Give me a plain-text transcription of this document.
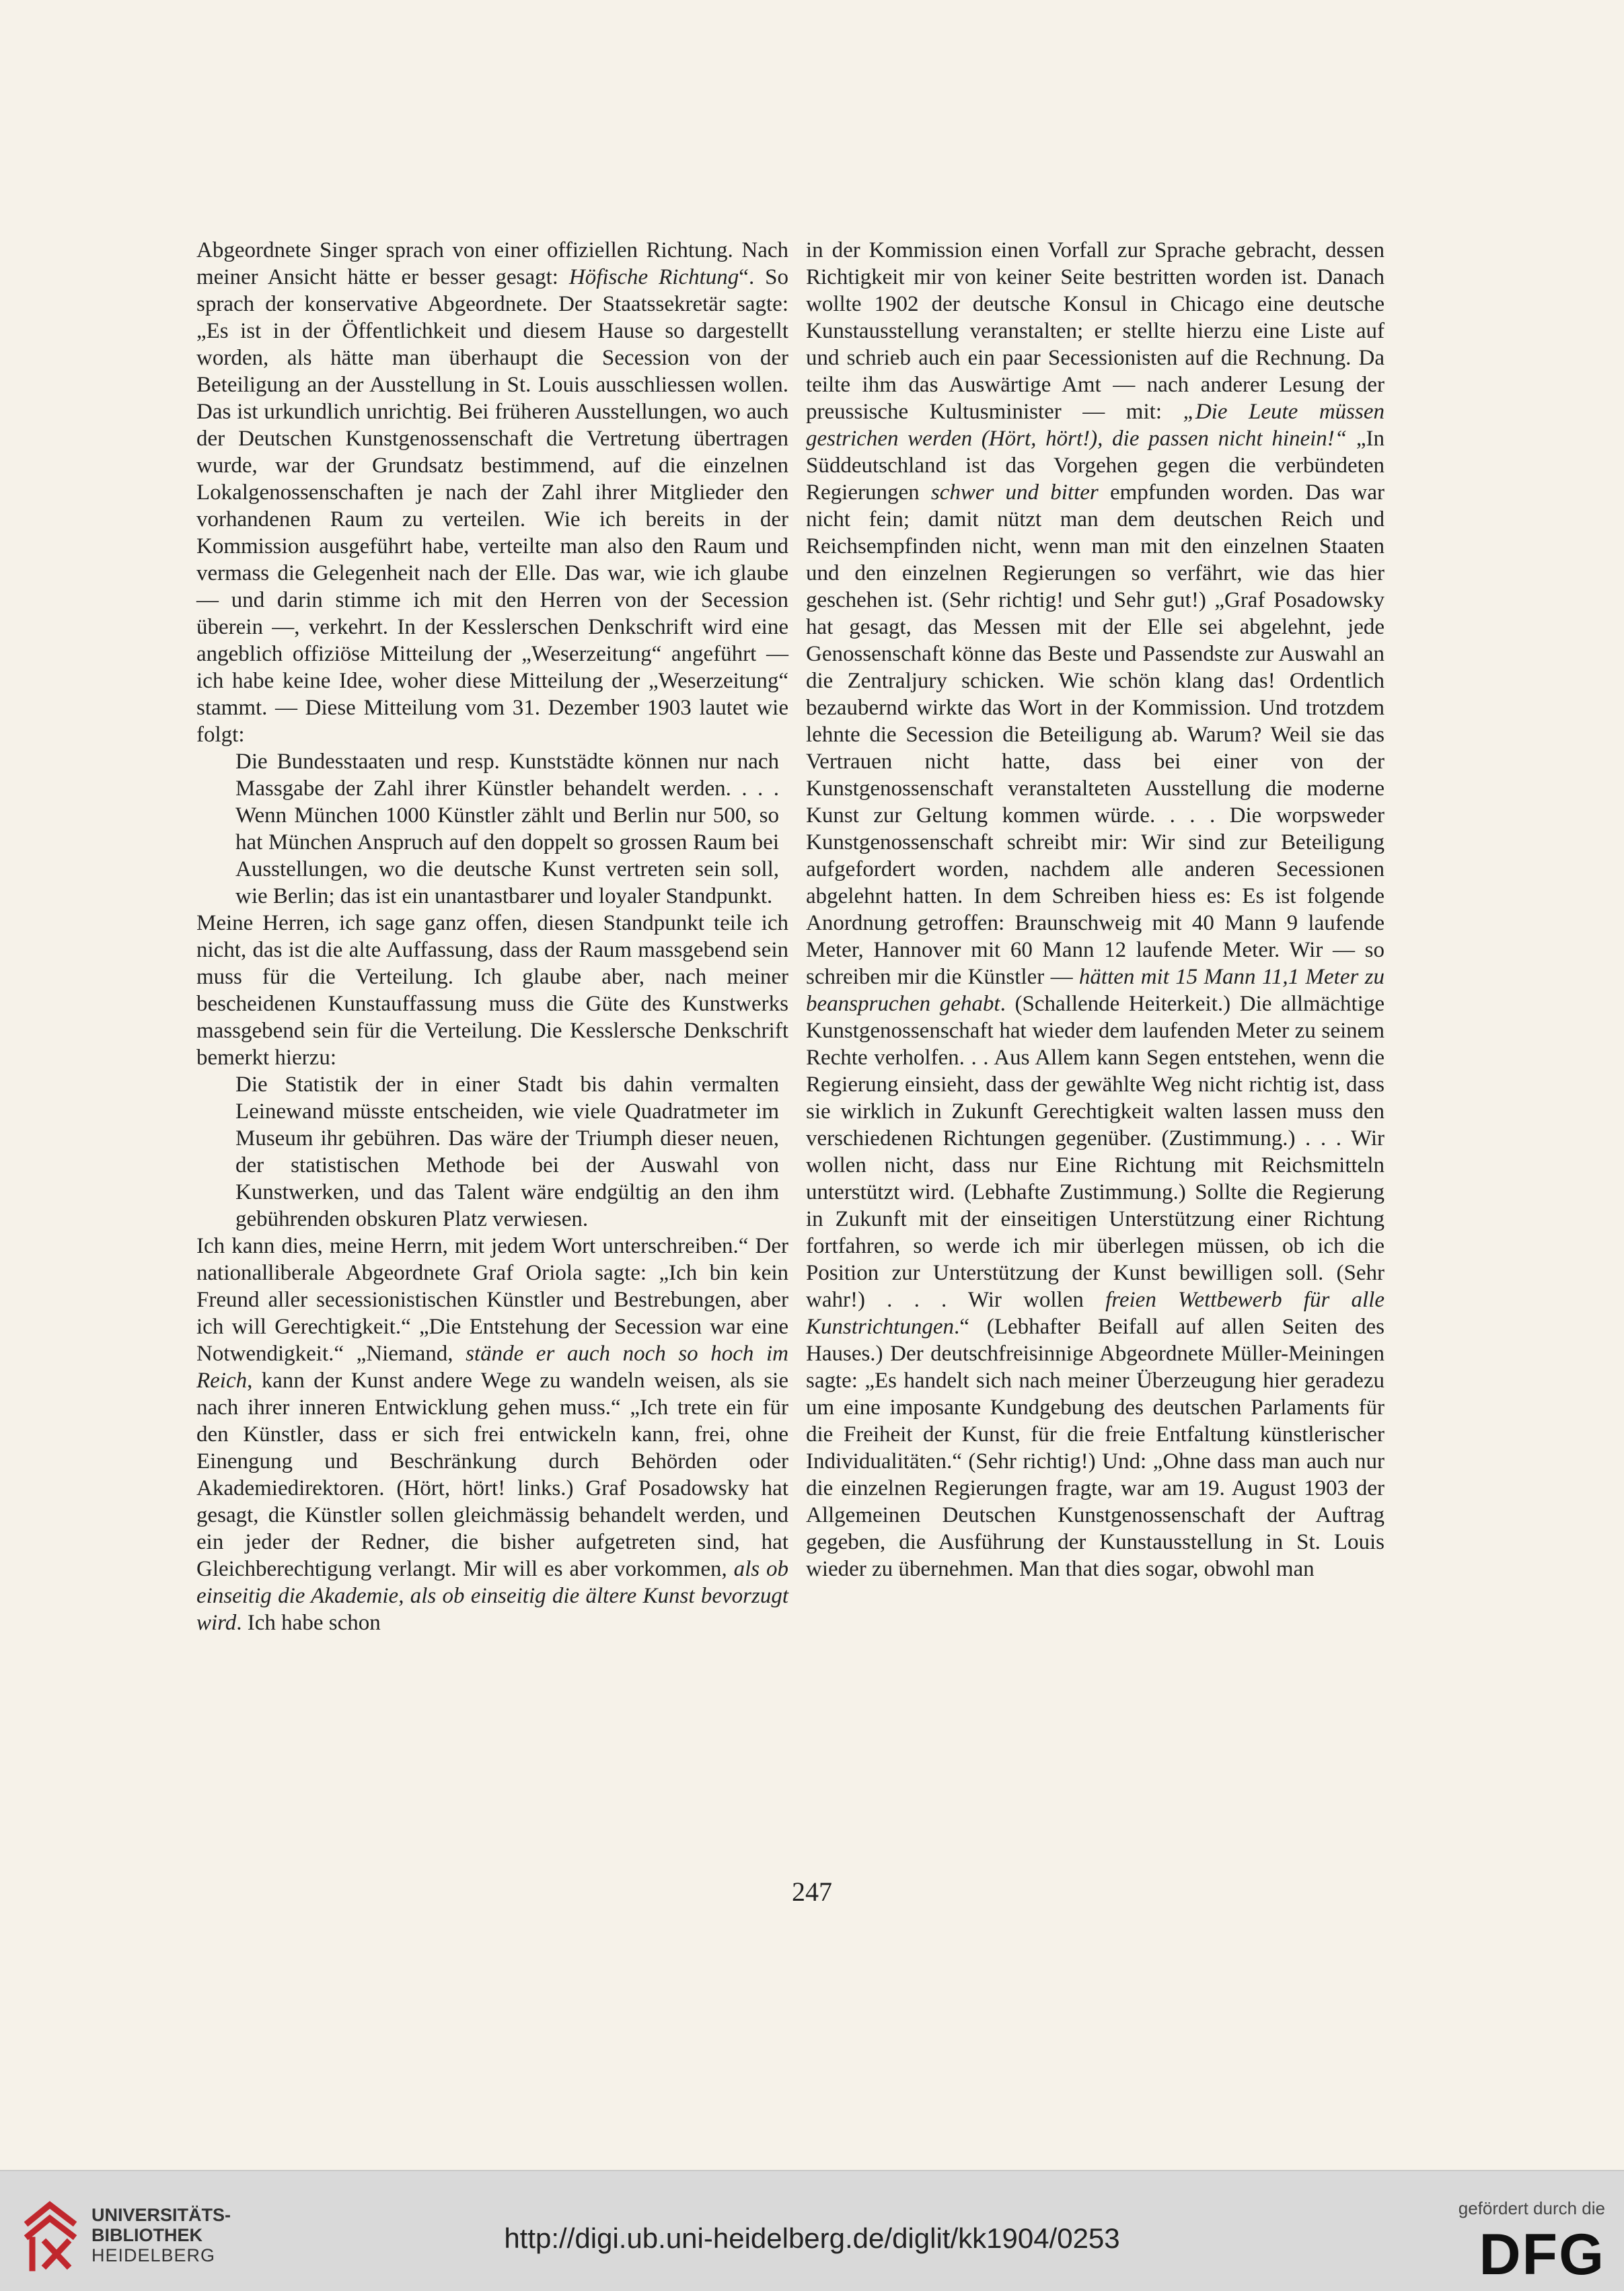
Abgeordnete Singer sprach von einer offiziellen Richtung. Nach meiner Ansicht hätte er besser gesagt: Höfische Richtung“. So sprach der konservative Abgeordnete. Der Staatssekretär sagte: „Es ist in der Öffentlichkeit und diesem Hause so dargestellt worden, als hätte man überhaupt die Secession von der Beteiligung an der Ausstellung in St. Louis ausschliessen wollen. Das ist urkundlich unrichtig. Bei früheren Ausstellungen, wo auch der Deutschen Kunstgenossenschaft die Vertretung übertragen wurde, war der Grundsatz bestimmend, auf die einzelnen Lokalgenossenschaften je nach der Zahl ihrer Mitglieder den vorhandenen Raum zu verteilen. Wie ich bereits in der Kommission ausgeführt habe, verteilte man also den Raum und vermass die Gelegenheit nach der Elle. Das war, wie ich glaube — und darin stimme ich mit den Herren von der Secession überein —, verkehrt. In der Kesslerschen Denkschrift wird eine angeblich offiziöse Mitteilung der „Weserzeitung“ angeführt — ich habe keine Idee, woher diese Mitteilung der „Weserzeitung“ stammt. — Diese Mitteilung vom 31. Dezember 1903 lautet wie folgt:

Die Bundesstaaten und resp. Kunststädte können nur nach Massgabe der Zahl ihrer Künstler behandelt werden. . . . Wenn München 1000 Künstler zählt und Berlin nur 500, so hat München Anspruch auf den doppelt so grossen Raum bei Ausstellungen, wo die deutsche Kunst vertreten sein soll, wie Berlin; das ist ein unantastbarer und loyaler Standpunkt.

Meine Herren, ich sage ganz offen, diesen Standpunkt teile ich nicht, das ist die alte Auffassung, dass der Raum massgebend sein muss für die Verteilung. Ich glaube aber, nach meiner bescheidenen Kunstauffassung muss die Güte des Kunstwerks massgebend sein für die Verteilung. Die Kesslersche Denkschrift bemerkt hierzu:

Die Statistik der in einer Stadt bis dahin vermalten Leinewand müsste entscheiden, wie viele Quadratmeter im Museum ihr gebühren. Das wäre der Triumph dieser neuen, der statistischen Methode bei der Auswahl von Kunstwerken, und das Talent wäre endgültig an den ihm gebührenden obskuren Platz verwiesen.

Ich kann dies, meine Herrn, mit jedem Wort unterschreiben.“ Der nationalliberale Abgeordnete Graf Oriola sagte: „Ich bin kein Freund aller secessionistischen Künstler und Bestrebungen, aber ich will Gerechtigkeit.“ „Die Entstehung der Secession war eine Notwendigkeit.“ „Niemand, stände er auch noch so hoch im Reich, kann der Kunst andere Wege zu wandeln weisen, als sie nach ihrer inneren Entwicklung gehen muss.“ „Ich trete ein für den Künstler, dass er sich frei entwickeln kann, frei, ohne Einengung und Beschränkung durch Behörden oder Akademiedirektoren. (Hört, hört! links.) Graf Posadowsky hat gesagt, die Künstler sollen gleichmässig behandelt werden, und ein jeder der Redner, die bisher aufgetreten sind, hat Gleichberechtigung verlangt. Mir will es aber vorkommen, als ob einseitig die Akademie, als ob einseitig die ältere Kunst bevorzugt wird. Ich habe schon

in der Kommission einen Vorfall zur Sprache gebracht, dessen Richtigkeit mir von keiner Seite bestritten worden ist. Danach wollte 1902 der deutsche Konsul in Chicago eine deutsche Kunstausstellung veranstalten; er stellte hierzu eine Liste auf und schrieb auch ein paar Secessionisten auf die Rechnung. Da teilte ihm das Auswärtige Amt — nach anderer Lesung der preussische Kultusminister — mit: „Die Leute müssen gestrichen werden (Hört, hört!), die passen nicht hinein!“ „In Süddeutschland ist das Vorgehen gegen die verbündeten Regierungen schwer und bitter empfunden worden. Das war nicht fein; damit nützt man dem deutschen Reich und Reichsempfinden nicht, wenn man mit den einzelnen Staaten und den einzelnen Regierungen so verfährt, wie das hier geschehen ist. (Sehr richtig! und Sehr gut!) „Graf Posadowsky hat gesagt, das Messen mit der Elle sei abgelehnt, jede Genossenschaft könne das Beste und Passendste zur Auswahl an die Zentraljury schicken. Wie schön klang das! Ordentlich bezaubernd wirkte das Wort in der Kommission. Und trotzdem lehnte die Secession die Beteiligung ab. Warum? Weil sie das Vertrauen nicht hatte, dass bei einer von der Kunstgenossenschaft veranstalteten Ausstellung die moderne Kunst zur Geltung kommen würde. . . . Die worpsweder Kunstgenossenschaft schreibt mir: Wir sind zur Beteiligung aufgefordert worden, nachdem alle anderen Secessionen abgelehnt hatten. In dem Schreiben hiess es: Es ist folgende Anordnung getroffen: Braunschweig mit 40 Mann 9 laufende Meter, Hannover mit 60 Mann 12 laufende Meter. Wir — so schreiben mir die Künstler — hätten mit 15 Mann 11,1 Meter zu beanspruchen gehabt. (Schallende Heiterkeit.) Die allmächtige Kunstgenossenschaft hat wieder dem laufenden Meter zu seinem Rechte verholfen. . . Aus Allem kann Segen entstehen, wenn die Regierung einsieht, dass der gewählte Weg nicht richtig ist, dass sie wirklich in Zukunft Gerechtigkeit walten lassen muss den verschiedenen Richtungen gegenüber. (Zustimmung.) . . . Wir wollen nicht, dass nur Eine Richtung mit Reichsmitteln unterstützt wird. (Lebhafte Zustimmung.) Sollte die Regierung in Zukunft mit der einseitigen Unterstützung einer Richtung fortfahren, so werde ich mir überlegen müssen, ob ich die Position zur Unterstützung der Kunst bewilligen soll. (Sehr wahr!) . . . Wir wollen freien Wettbewerb für alle Kunstrichtungen.“ (Lebhafter Beifall auf allen Seiten des Hauses.) Der deutschfreisinnige Abgeordnete Müller-Meiningen sagte: „Es handelt sich nach meiner Überzeugung hier geradezu um eine imposante Kundgebung des deutschen Parlaments für die Freiheit der Kunst, für die freie Entfaltung künstlerischer Individualitäten.“ (Sehr richtig!) Und: „Ohne dass man auch nur die einzelnen Regierungen fragte, war am 19. August 1903 der Allgemeinen Deutschen Kunstgenossenschaft der Auftrag gegeben, die Ausführung der Kunstausstellung in St. Louis wieder zu übernehmen. Man that dies sogar, obwohl man

247
UNIVERSITÄTS-
BIBLIOTHEK
HEIDELBERG
http://digi.ub.uni-heidelberg.de/diglit/kk1904/0253
gefördert durch die
DFG
